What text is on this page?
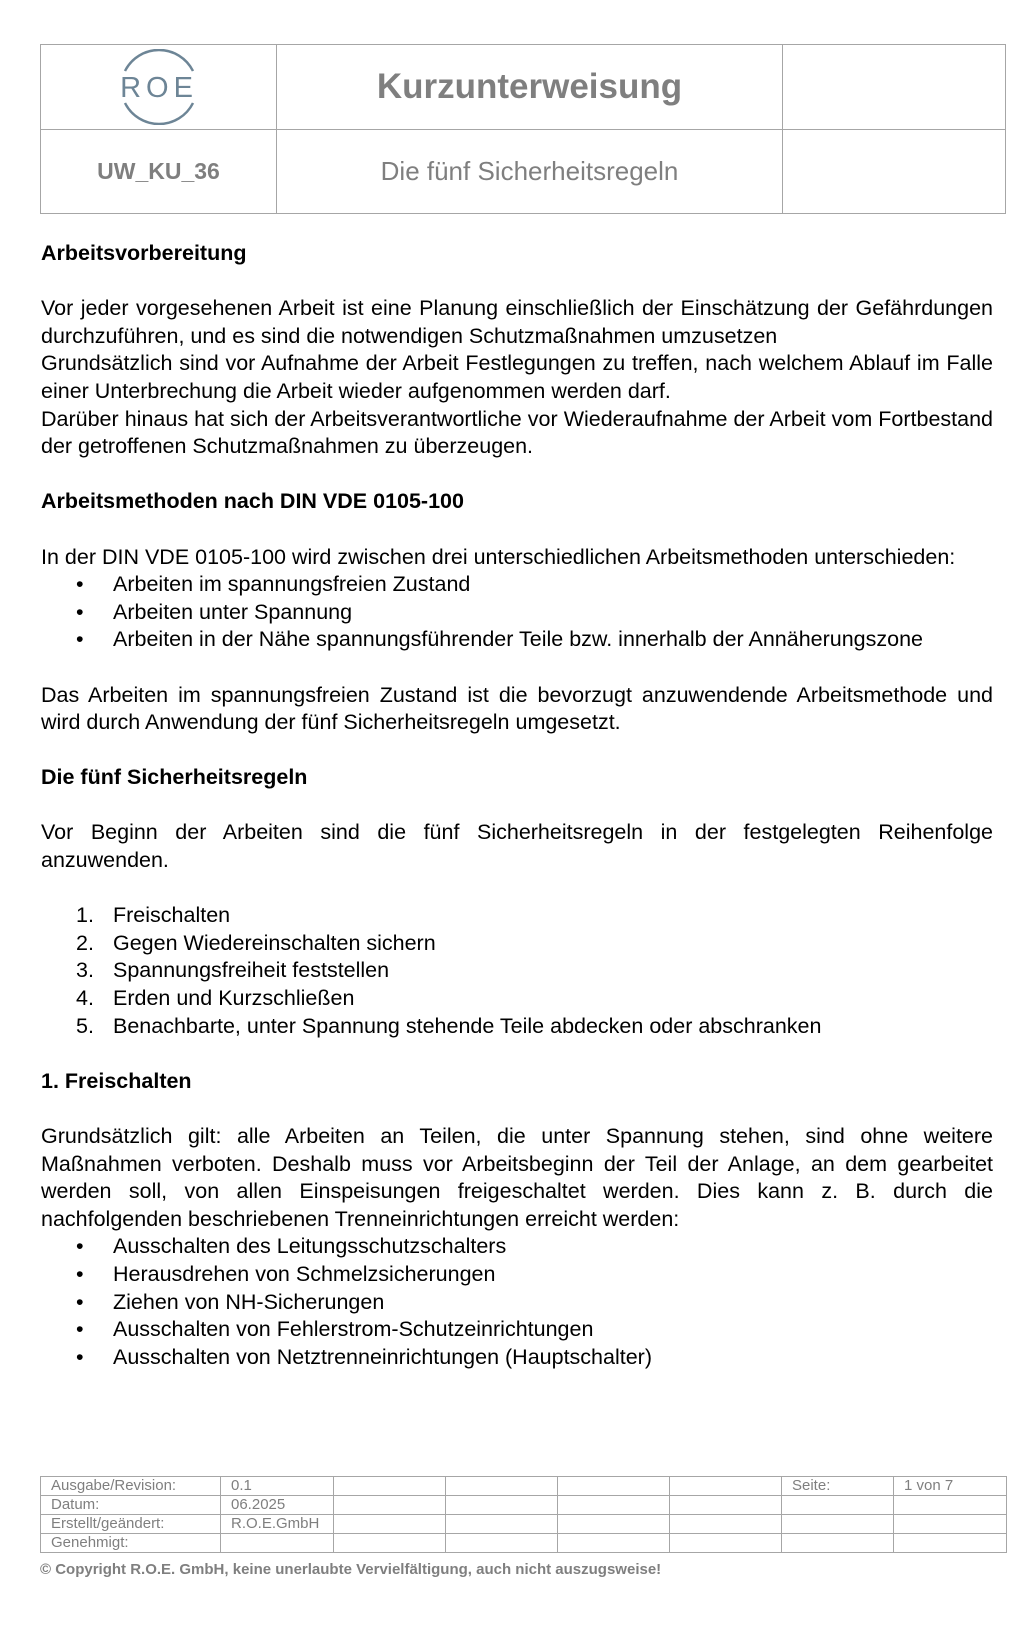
ROE	Kurzunterweisung	
UW_KU_36	Die fünf Sicherheitsregeln	
Arbeitsvorbereitung

Vor jeder vorgesehenen Arbeit ist eine Planung einschließlich der Einschätzung der Gefährdungen durchzuführen, und es sind die notwendigen Schutzmaßnahmen umzusetzen

Grundsätzlich sind vor Aufnahme der Arbeit Festlegungen zu treffen, nach welchem Ablauf im Falle einer Unterbrechung die Arbeit wieder aufgenommen werden darf.

Darüber hinaus hat sich der Arbeitsverantwortliche vor Wiederaufnahme der Arbeit vom Fortbestand der getroffenen Schutzmaßnahmen zu überzeugen.

Arbeitsmethoden nach DIN VDE 0105-100

In der DIN VDE 0105-100 wird zwischen drei unterschiedlichen Arbeitsmethoden unterschieden:

• Arbeiten im spannungsfreien Zustand
• Arbeiten unter Spannung
• Arbeiten in der Nähe spannungsführender Teile bzw. innerhalb der Annäherungszone

Das Arbeiten im spannungsfreien Zustand ist die bevorzugt anzuwendende Arbeitsmethode und wird durch Anwendung der fünf Sicherheitsregeln umgesetzt.

Die fünf Sicherheitsregeln

Vor Beginn der Arbeiten sind die fünf Sicherheitsregeln in der festgelegten Reihenfolge anzuwenden.

1. Freischalten
2. Gegen Wiedereinschalten sichern
3. Spannungsfreiheit feststellen
4. Erden und Kurzschließen
5. Benachbarte, unter Spannung stehende Teile abdecken oder abschranken
1. Freischalten

Grundsätzlich gilt: alle Arbeiten an Teilen, die unter Spannung stehen, sind ohne weitere Maßnahmen verboten. Deshalb muss vor Arbeitsbeginn der Teil der Anlage, an dem gearbeitet werden soll, von allen Einspeisungen freigeschaltet werden. Dies kann z. B. durch die nachfolgenden beschriebenen Trenneinrichtungen erreicht werden:

• Ausschalten des Leitungsschutzschalters
• Herausdrehen von Schmelzsicherungen
• Ziehen von NH-Sicherungen
• Ausschalten von Fehlerstrom-Schutzeinrichtungen
• Ausschalten von Netztrenneinrichtungen (Hauptschalter)
Ausgabe/Revision:	0.1					Seite:	1 von 7
Datum:	06.2025						
Erstellt/geändert:	R.O.E.GmbH						
Genehmigt:							
© Copyright R.O.E. GmbH, keine unerlaubte Vervielfältigung, auch nicht auszugsweise!
